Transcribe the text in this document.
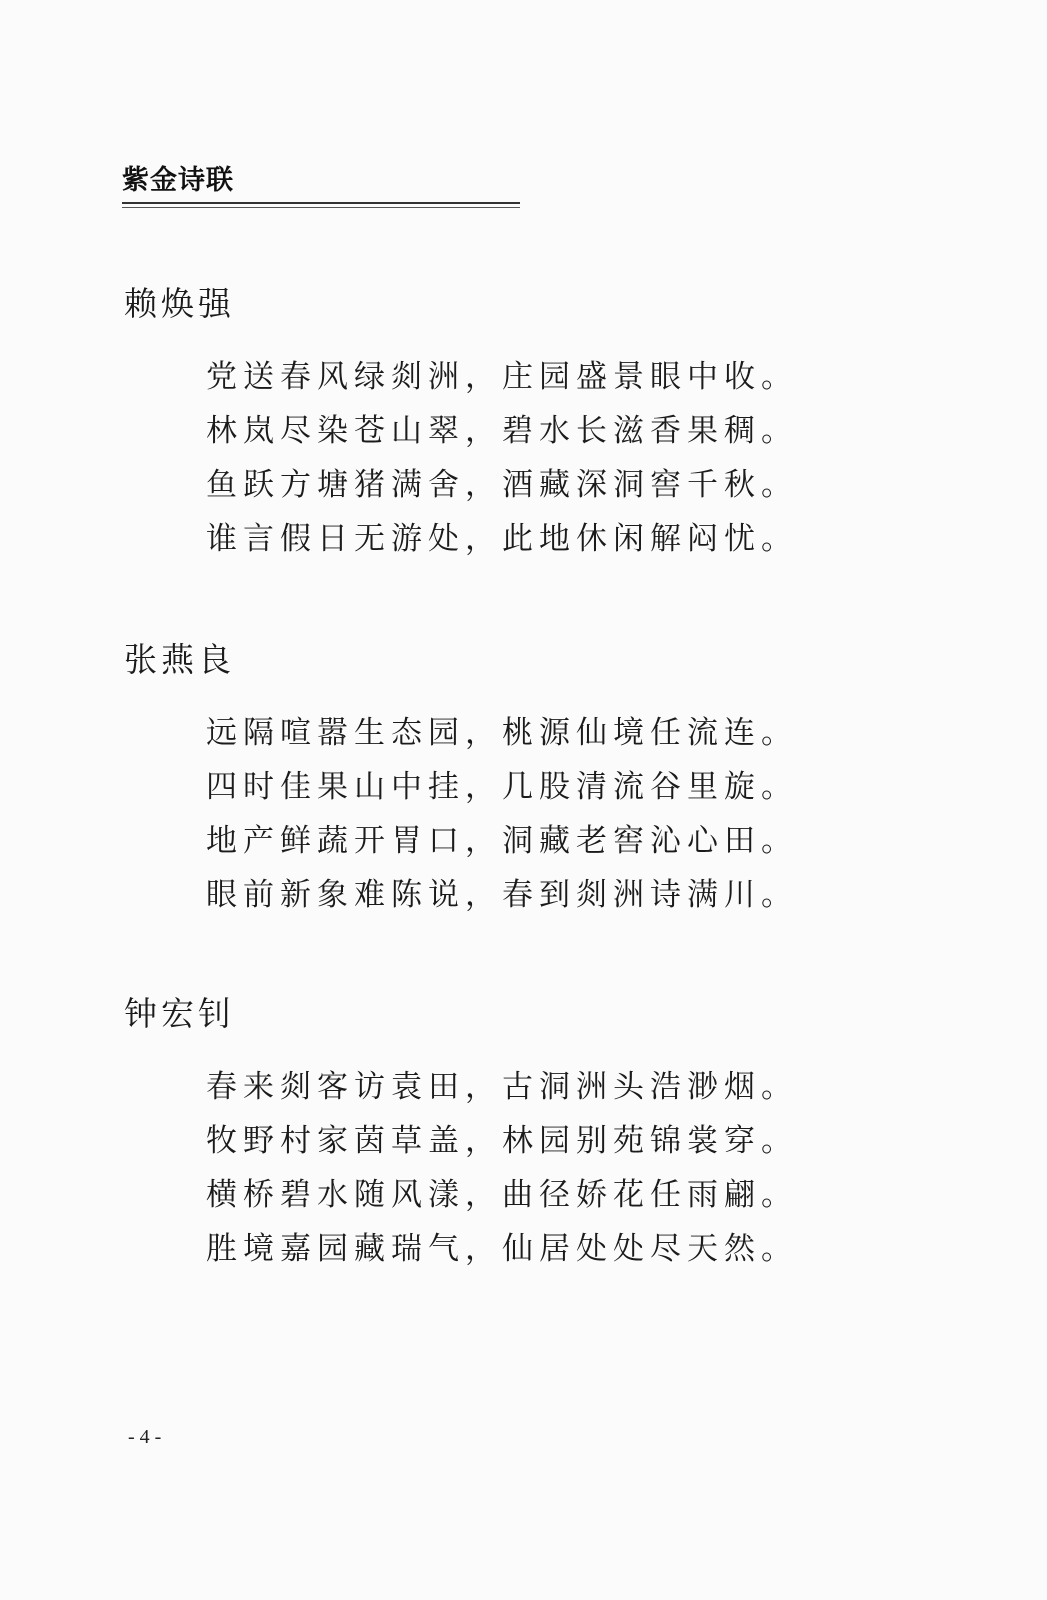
紫金诗联
赖焕强
党送春风绿剡洲，庄园盛景眼中收。
林岚尽染苍山翠，碧水长滋香果稠。
鱼跃方塘猪满舍，酒藏深洞窖千秋。
谁言假日无游处，此地休闲解闷忧。
张燕良
远隔喧嚣生态园，桃源仙境任流连。
四时佳果山中挂，几股清流谷里旋。
地产鲜蔬开胃口，洞藏老窖沁心田。
眼前新象难陈说，春到剡洲诗满川。
钟宏钊
春来剡客访袁田，古洞洲头浩渺烟。
牧野村家茵草盖，林园别苑锦裳穿。
横桥碧水随风漾，曲径娇花任雨翩。
胜境嘉园藏瑞气，仙居处处尽天然。
- 4 -
